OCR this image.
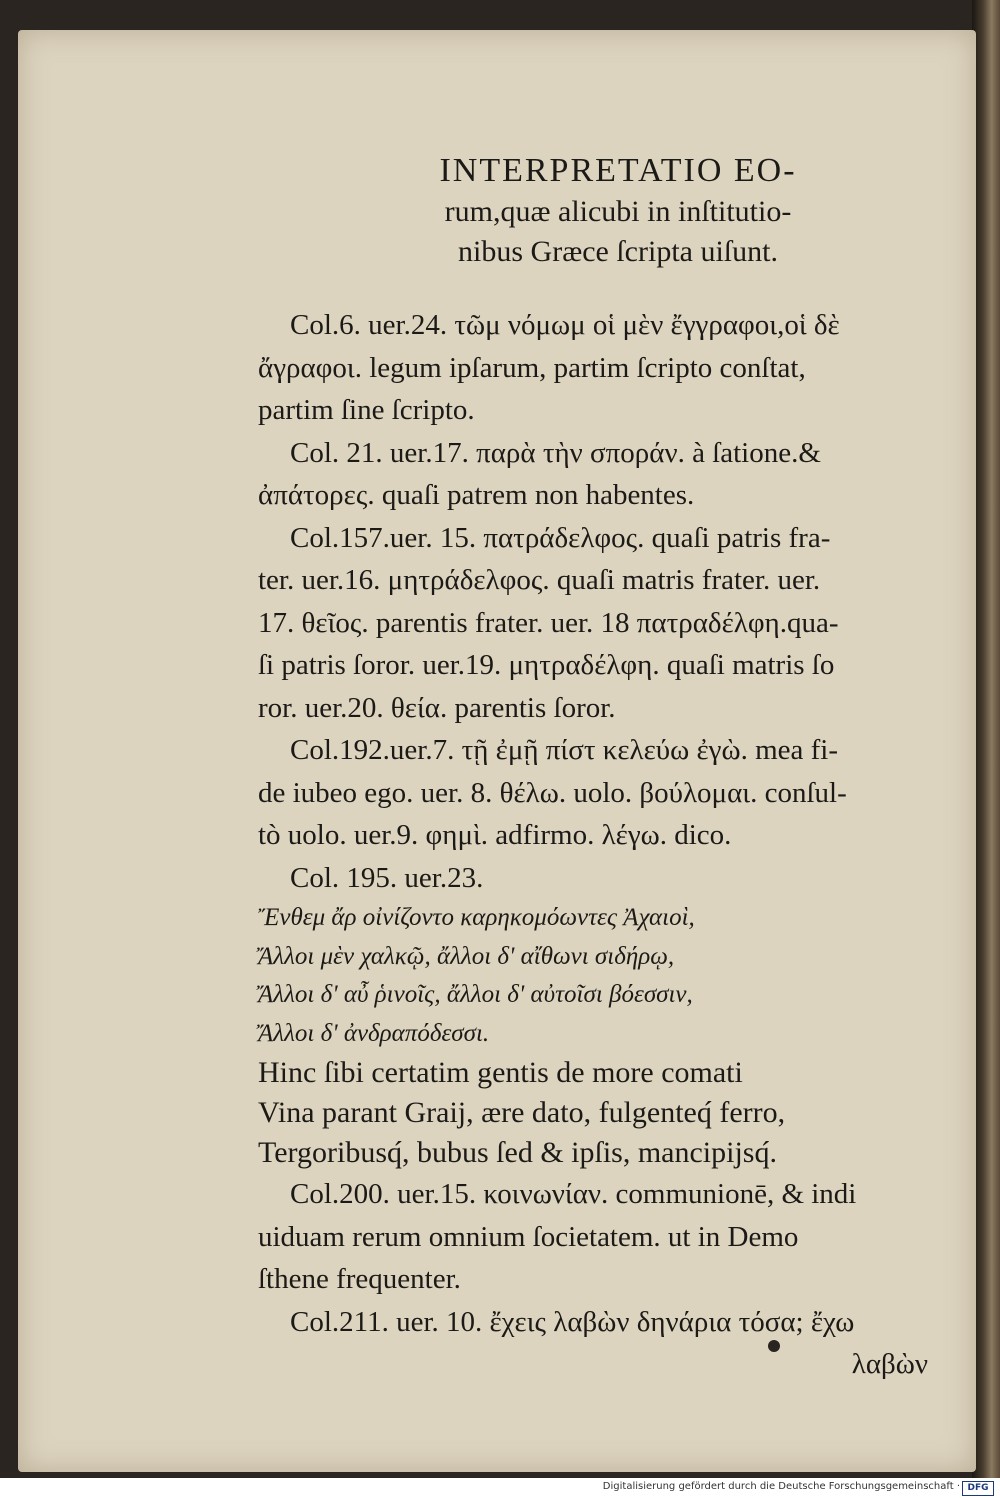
INTERPRETATIO EO-
rum,quæ alicubi in inſtitutio-
nibus Græce ſcripta uiſunt.
Col.6. uer.24. τῶμ νόμωμ οἱ μὲν ἔγγραφοι,οἱ δὲ
ἄγραφοι. legum ipſarum, partim ſcripto conſtat,
partim ſine ſcripto.
Col. 21. uer.17. παρὰ τὴν σποράν. à ſatione.&
ἀπάτορες. quaſi patrem non habentes.
Col.157.uer. 15. πατράδελφος. quaſi patris fra-
ter. uer.16. μητράδελφος. quaſi matris frater. uer.
17. θεῖος. parentis frater. uer. 18 πατραδέλφη.qua-
ſi patris ſoror. uer.19. μητραδέλφη. quaſi matris ſo
ror. uer.20. θεία. parentis ſoror.
Col.192.uer.7. τῇ ἐμῇ πίστ κελεύω ἐγὼ. mea fi-
de iubeo ego. uer. 8. θέλω. uolo. βούλομαι. conſul-
tò uolo. uer.9. φημὶ. adfirmo. λέγω. dico.
Col. 195. uer.23.
Ἔνθεμ ἄρ οἰνίζοντο καρηκομόωντες Ἀχαιοὶ,
Ἄλλοι μὲν χαλκῷ, ἄλλοι δ' αἴθωνι σιδήρῳ,
Ἄλλοι δ' αὖ ῥινοῖς, ἄλλοι δ' αὐτοῖσι βόεσσιν,
Ἄλλοι δ' ἀνδραπόδεσσι.
Hinc ſibi certatim gentis de more comati
Vina parant Graij, ære dato, fulgenteq́ ferro,
Tergoribusq́, bubus ſed & ipſis, mancipijsq́.
Col.200. uer.15. κοινωνίαν. communionē, & indi
uiduam rerum omnium ſocietatem. ut in Demo
ſthene frequenter.
Col.211. uer. 10. ἔχεις λαβὼν δηνάρια τόσα; ἔχω
λαβὼν
Digitalisierung gefördert durch die Deutsche Forschungsgemeinschaft · DFG
